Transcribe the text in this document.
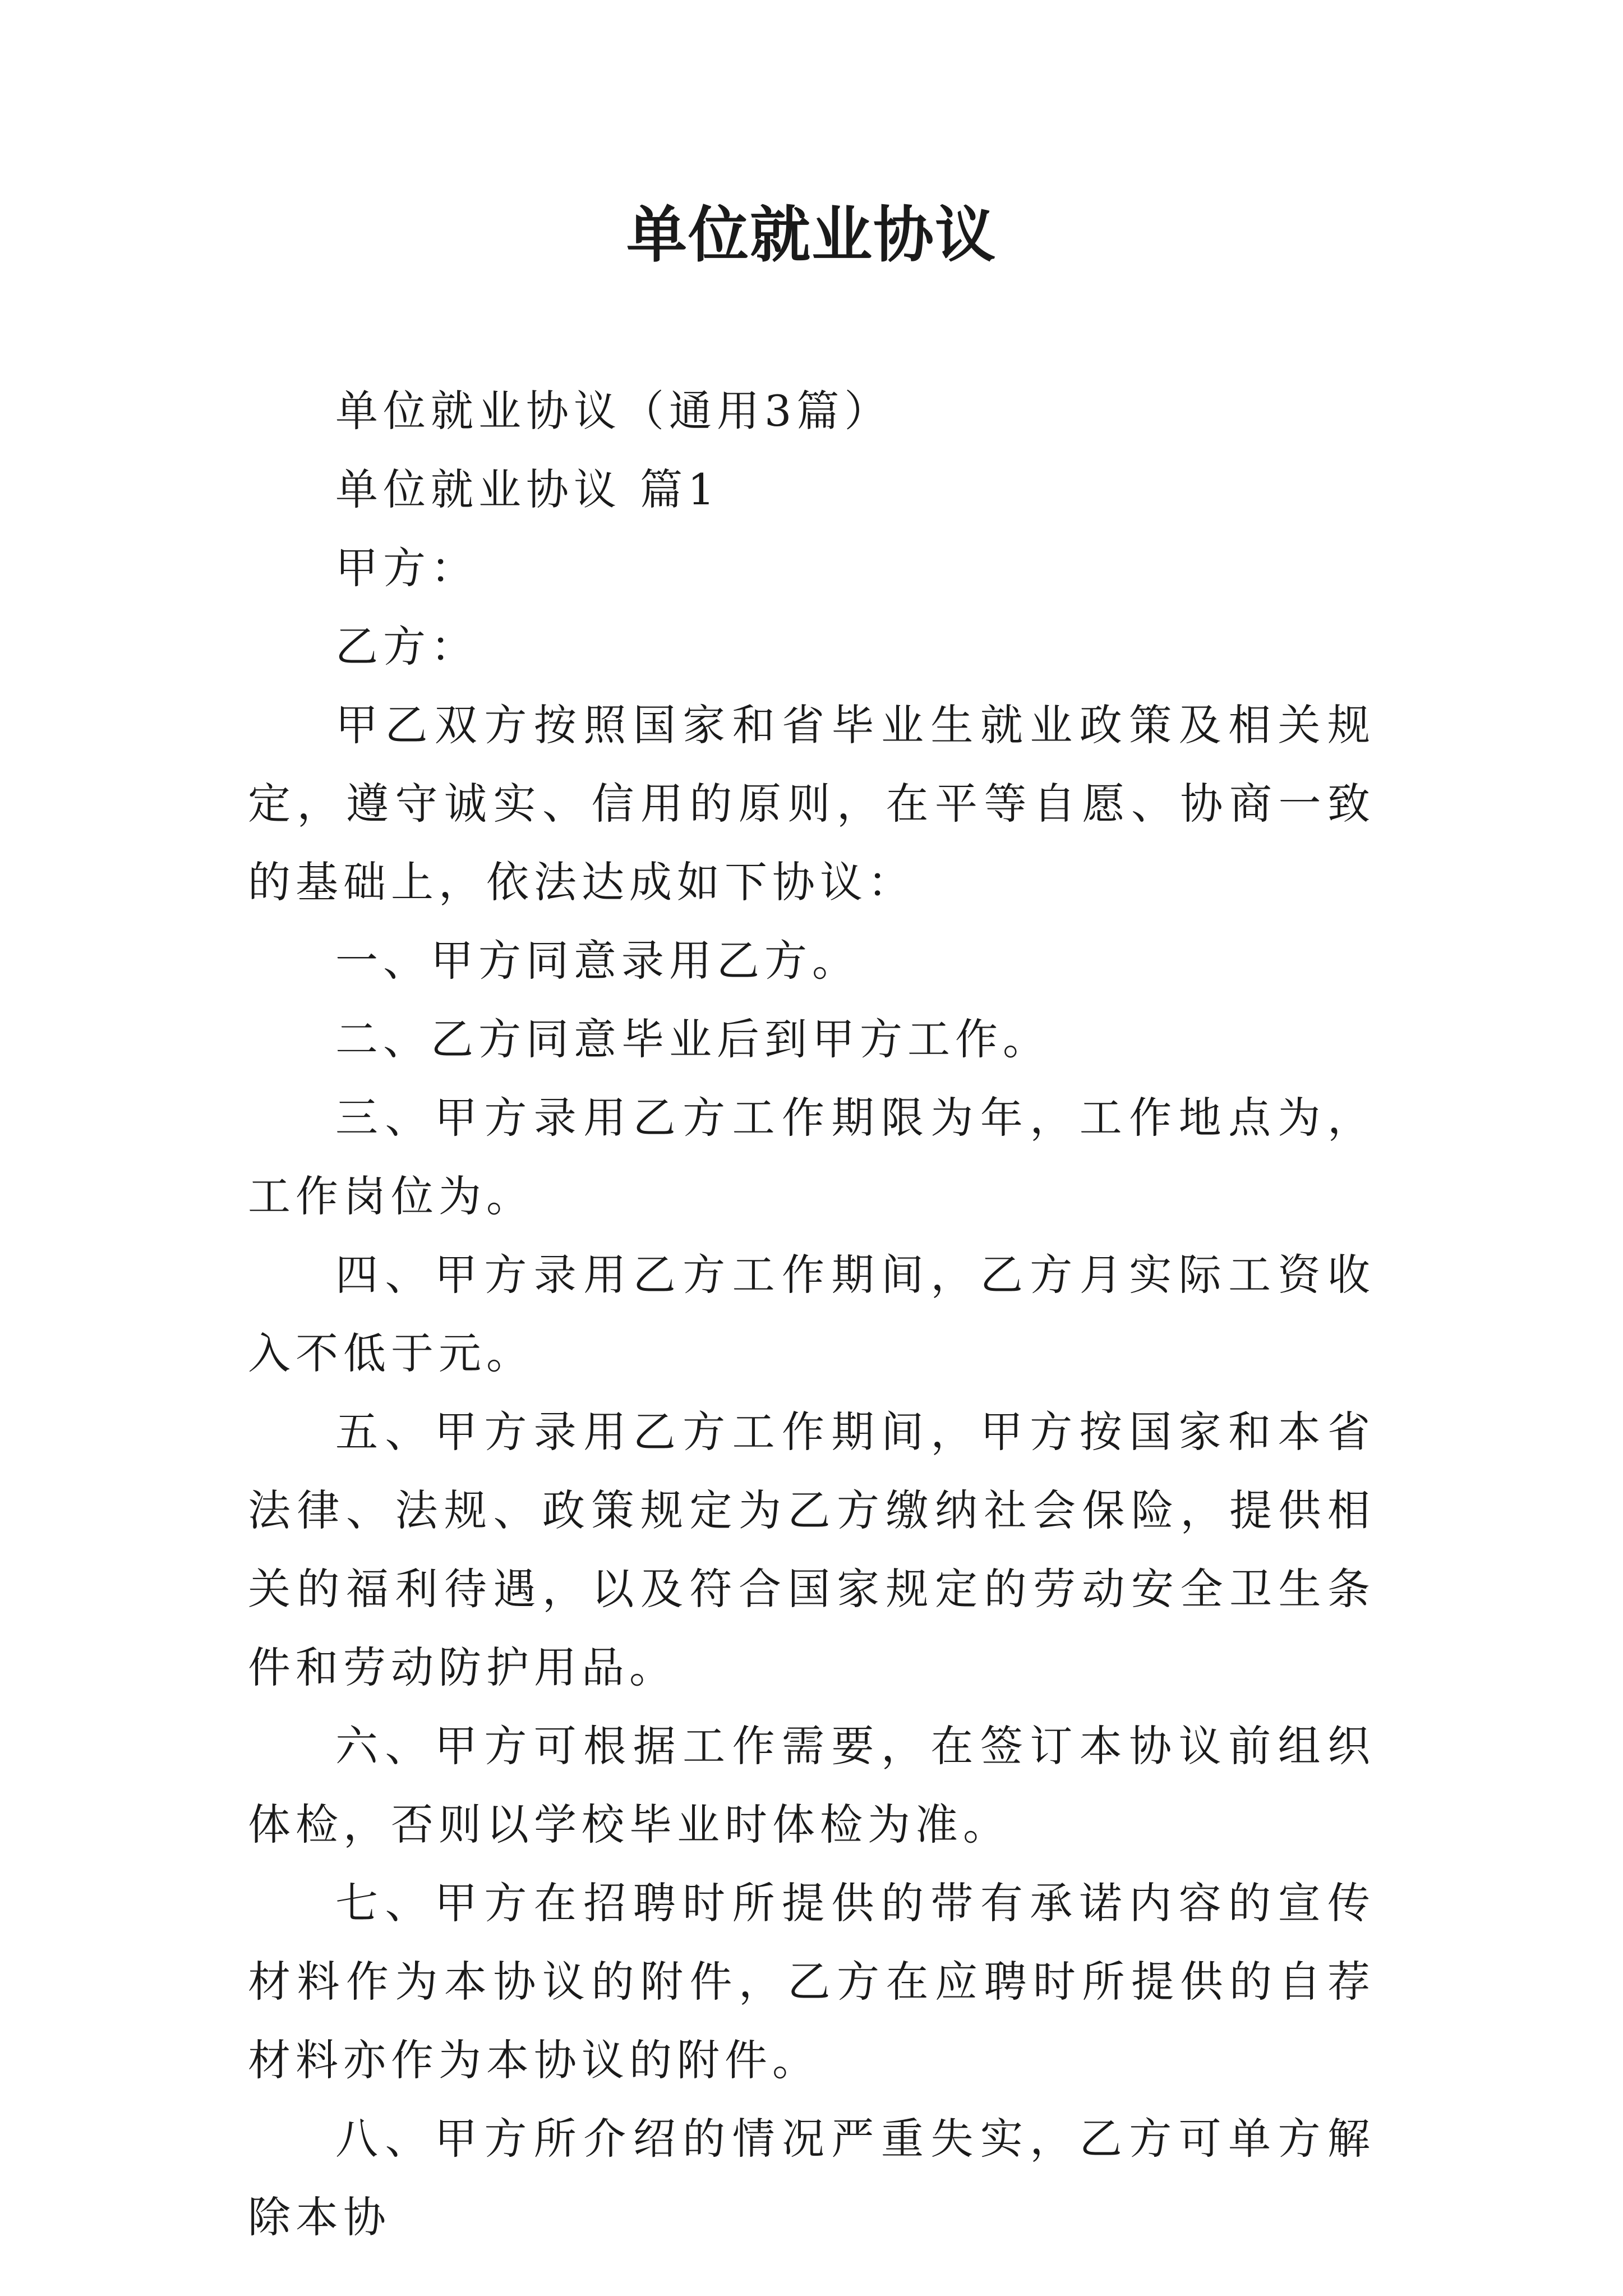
单位就业协议

单位就业协议（通用3篇）

单位就业协议 篇1

甲方：

乙方：

甲乙双方按照国家和省毕业生就业政策及相关规定，遵守诚实、信用的原则，在平等自愿、协商一致的基础上，依法达成如下协议：

一、甲方同意录用乙方。

二、乙方同意毕业后到甲方工作。

三、甲方录用乙方工作期限为年，工作地点为，工作岗位为。

四、甲方录用乙方工作期间，乙方月实际工资收入不低于元。

五、甲方录用乙方工作期间，甲方按国家和本省法律、法规、政策规定为乙方缴纳社会保险，提供相关的福利待遇，以及符合国家规定的劳动安全卫生条件和劳动防护用品。

六、甲方可根据工作需要，在签订本协议前组织体检，否则以学校毕业时体检为准。

七、甲方在招聘时所提供的带有承诺内容的宣传材料作为本协议的附件，乙方在应聘时所提供的自荐材料亦作为本协议的附件。

八、甲方所介绍的情况严重失实，乙方可单方解除本协
